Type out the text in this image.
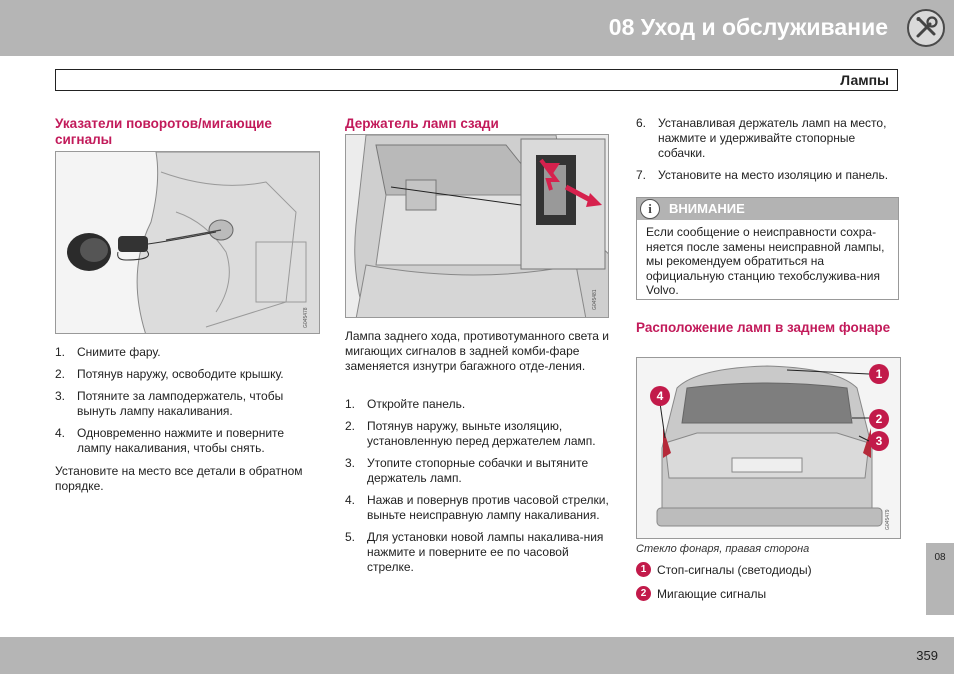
08 Уход и обслуживание
Лампы
Указатели поворотов/мигающие сигналы
G045478
1. Снимите фару.
2. Потянув наружу, освободите крышку.
3. Потяните за ламподержатель, чтобы вынуть лампу накаливания.
4. Одновременно нажмите и поверните лампу накаливания, чтобы снять.

Установите на место все детали в обратном порядке.

Держатель ламп сзади
G045481

Лампа заднего хода, противотуманного света и мигающих сигналов в задней комби-фаре заменяется изнутри багажного отде-ления.

1. Откройте панель.
2. Потянув наружу, выньте изоляцию, установленную перед держателем ламп.
3. Утопите стопорные собачки и вытяните держатель ламп.
4. Нажав и повернув против часовой стрелки, выньте неисправную лампу накаливания.
5. Для установки новой лампы накалива-ния нажмите и поверните ее по часовой стрелке.
6. Устанавливая держатель ламп на место, нажмите и удерживайте стопорные собачки.
7. Установите на место изоляцию и панель.
i	ВНИМАНИЕ

Если сообщение о неисправности сохра-няется после замены неисправной лампы, мы рекомендуем обратиться на официальную станцию техобслужива-ния Volvo.

Расположение ламп в заднем фонаре
1
2
3
4
G045479
Стекло фонаря, правая сторона
1 Стоп-сигналы (светодиоды)
2 Мигающие сигналы
08
359
